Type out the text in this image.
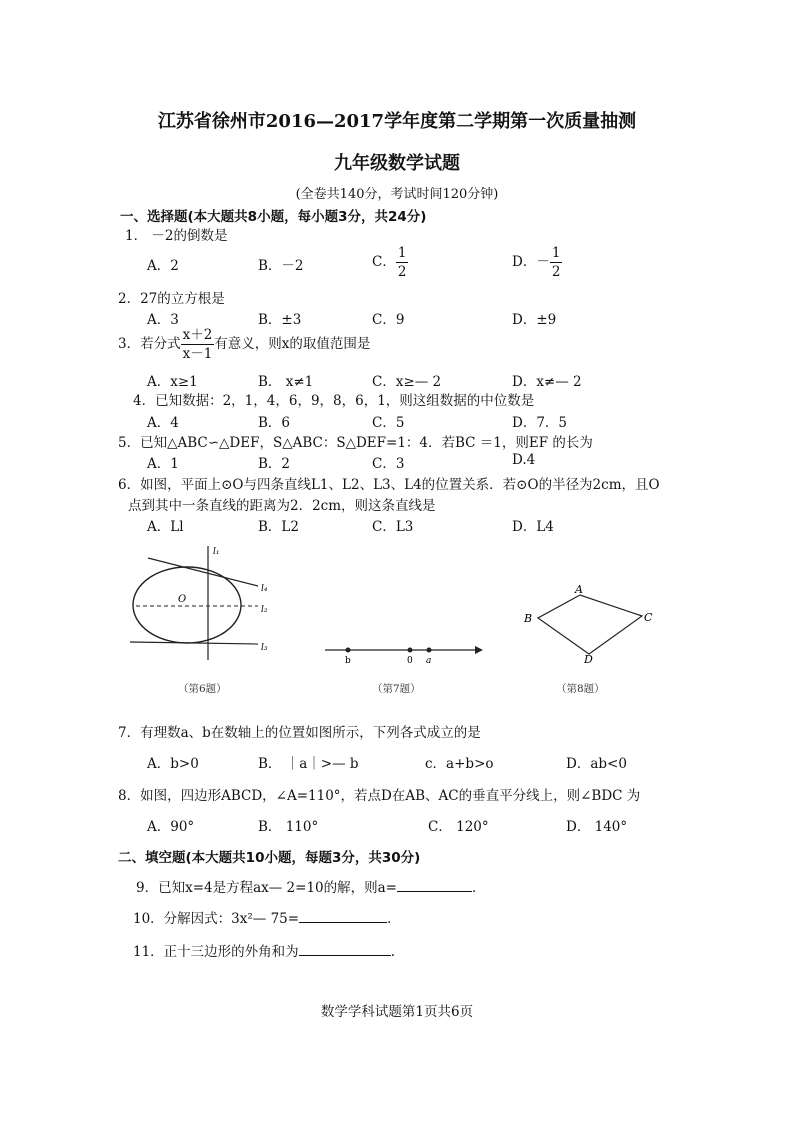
江苏省徐州市2016—2017学年度第二学期第一次质量抽测
九年级数学试题
(全卷共140分，考试时间120分钟)
一、选择题(本大题共8小题，每小题3分，共24分)
1． －2的倒数是
A．2	B．－2	C． $\frac{1}{2}$	D．－ $\frac{1}{2}$
2．27的立方根是
A．3	B．±3	C．9	D．±9
3．若分式 $\frac{x+2}{x-1}$ 有意义，则x的取值范围是
A．x≥1	B． x≠1	C．x≥— 2	D．x≠— 2
4．已知数据：2，1，4，6，9，8，6，1，则这组数据的中位数是
A．4	B．6	C．5	D．7．5
5．已知△ABC∽△DEF，S△ABC：S△DEF=1：4．若BC ＝1，则EF 的长为
A．1	B．2	C．3	D.4
6．如图，平面上⊙O与四条直线L1、L2、L3、L4的位置关系．若⊙O的半径为2cm，且O
点到其中一条直线的距离为2．2cm，则这条直线是
A．Ll	B．L2	C．L3	D．L4
O
l₁
l₄
l₂
l₃
（第6题）
b	0 a
（第7题）
A
B	C
D
（第8题）
7．有理数a、b在数轴上的位置如图所示，下列各式成立的是
A．b>0	B． ｜a｜>— b	c．a+b>o	D．ab<0
8．如图，四边形ABCD，∠A=110°，若点D在AB、AC的垂直平分线上，则∠BDC 为
A．90°	B． 110°	C． 120°	D． 140°
二、填空题(本大题共10小题，每题3分，共30分)
9．已知x=4是方程ax— 2=10的解，则a=	．
10．分解因式：3x²— 75=	．
11．正十三边形的外角和为	.
数学学科试题第1页共6页
